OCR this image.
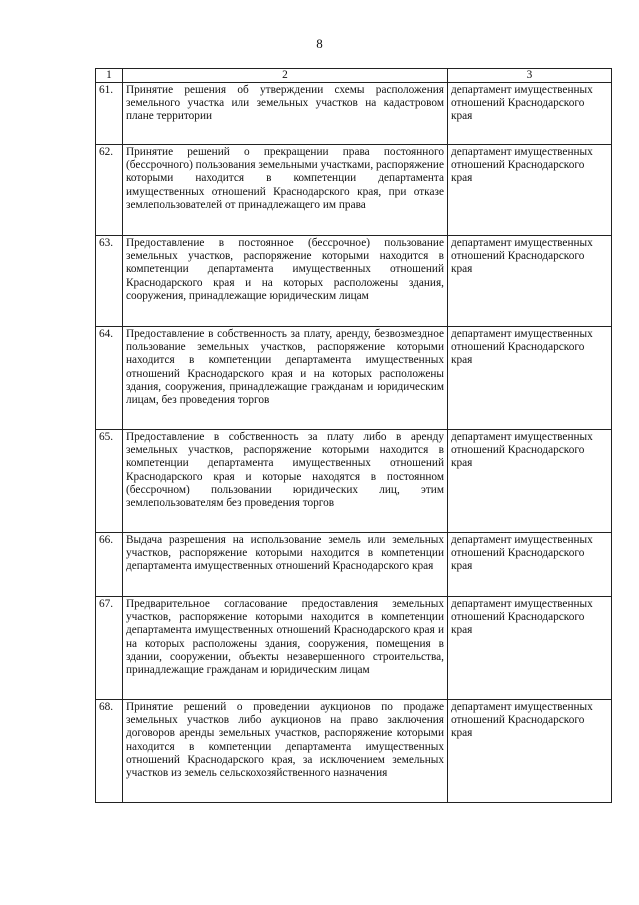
8
1	2	3
61.	Принятие решения об утверждении схемы расположения земельного участка или земельных участков на кадастровом плане территории	департамент имущественных отношений Краснодарского края
62.	Принятие решений о прекращении права постоянного (бессрочного) пользования земельными участками, распоряжение которыми находится в компетенции департамента имущественных отношений Краснодарского края, при отказе землепользователей от принадлежащего им права	департамент имущественных отношений Краснодарского края
63.	Предоставление в постоянное (бессрочное) пользование земельных участков, распоряжение которыми находится в компетенции департамента имущественных отношений Краснодарского края и на которых расположены здания, сооружения, принадлежащие юридическим лицам	департамент имущественных отношений Краснодарского края
64.	Предоставление в собственность за плату, аренду, безвозмездное пользование земельных участков, распоряжение которыми находится в компетенции департамента имущественных отношений Краснодарского края и на которых расположены здания, сооружения, принадлежащие гражданам и юридическим лицам, без проведения торгов	департамент имущественных отношений Краснодарского края
65.	Предоставление в собственность за плату либо в аренду земельных участков, распоряжение которыми находится в компетенции департамента имущественных отношений Краснодарского края и которые находятся в постоянном (бессрочном) пользовании юридических лиц, этим землепользователям без проведения торгов	департамент имущественных отношений Краснодарского края
66.	Выдача разрешения на использование земель или земельных участков, распоряжение которыми находится в компетенции департамента имущественных отношений Краснодарского края	департамент имущественных отношений Краснодарского края
67.	Предварительное согласование предоставления земельных участков, распоряжение которыми находится в компетенции департамента имущественных отношений Краснодарского края и на которых расположены здания, сооружения, помещения в здании, сооружении, объекты незавершенного строительства, принадлежащие гражданам и юридическим лицам	департамент имущественных отношений Краснодарского края
68.	Принятие решений о проведении аукционов по продаже земельных участков либо аукционов на право заключения договоров аренды земельных участков, распоряжение которыми находится в компетенции департамента имущественных отношений Краснодарского края, за исключением земельных участков из земель сельскохозяйственного назначения	департамент имущественных отношений Краснодарского края
